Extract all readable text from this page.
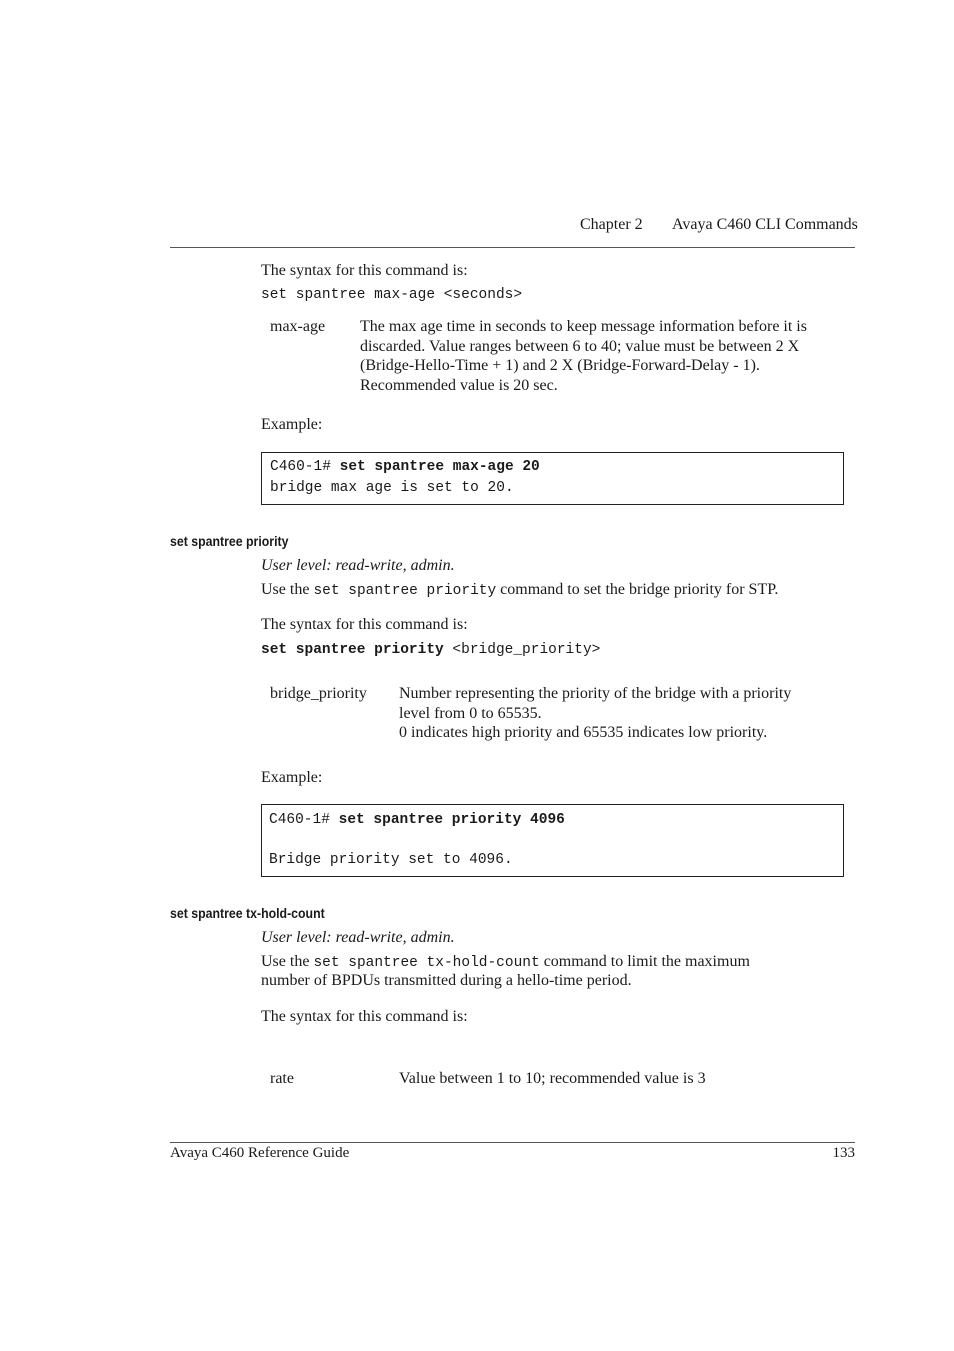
Chapter 2 Avaya C460 CLI Commands
The syntax for this command is:
set spantree max-age <seconds>
max-age The max age time in seconds to keep message information before it is
discarded. Value ranges between 6 to 40; value must be between 2 X
(Bridge-Hello-Time + 1) and 2 X (Bridge-Forward-Delay - 1).
Recommended value is 20 sec.
Example:
C460-1# set spantree max-age 20
bridge max age is set to 20.
set spantree priority
User level: read-write, admin.
Use the set spantree priority command to set the bridge priority for STP.
The syntax for this command is:
set spantree priority <bridge_priority>
bridge_priority Number representing the priority of the bridge with a priority
level from 0 to 65535.
0 indicates high priority and 65535 indicates low priority.
Example:
C460-1# set spantree priority 4096
Bridge priority set to 4096.
set spantree tx-hold-count
User level: read-write, admin.
Use the set spantree tx-hold-count command to limit the maximum
number of BPDUs transmitted during a hello-time period.
The syntax for this command is:
rate	Value between 1 to 10; recommended value is 3
Avaya C460 Reference Guide	133
